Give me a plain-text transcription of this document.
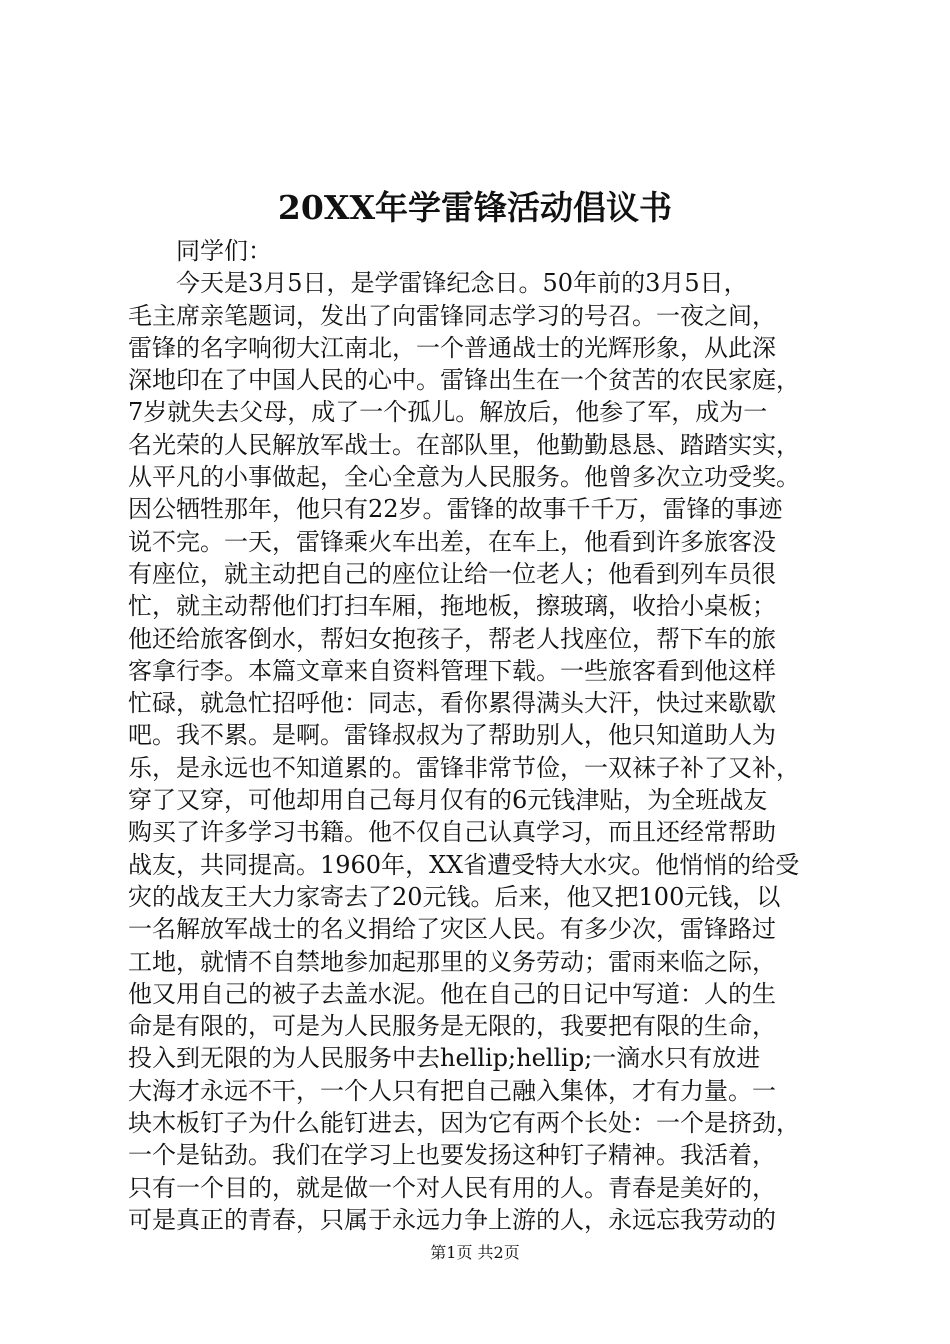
20XX年学雷锋活动倡议书
同学们：
今天是3月5日，是学雷锋纪念日。50年前的3月5日，
毛主席亲笔题词，发出了向雷锋同志学习的号召。一夜之间，
雷锋的名字响彻大江南北，一个普通战士的光辉形象，从此深
深地印在了中国人民的心中。雷锋出生在一个贫苦的农民家庭，
7岁就失去父母，成了一个孤儿。解放后，他参了军，成为一
名光荣的人民解放军战士。在部队里，他勤勤恳恳、踏踏实实，
从平凡的小事做起，全心全意为人民服务。他曾多次立功受奖。
因公牺牲那年，他只有22岁。雷锋的故事千千万，雷锋的事迹
说不完。一天，雷锋乘火车出差，在车上，他看到许多旅客没
有座位，就主动把自己的座位让给一位老人；他看到列车员很
忙，就主动帮他们打扫车厢，拖地板，擦玻璃，收拾小桌板；
他还给旅客倒水，帮妇女抱孩子，帮老人找座位，帮下车的旅
客拿行李。本篇文章来自资料管理下载。一些旅客看到他这样
忙碌，就急忙招呼他：同志，看你累得满头大汗，快过来歇歇
吧。我不累。是啊。雷锋叔叔为了帮助别人，他只知道助人为
乐，是永远也不知道累的。雷锋非常节俭，一双袜子补了又补，
穿了又穿，可他却用自己每月仅有的6元钱津贴，为全班战友
购买了许多学习书籍。他不仅自己认真学习，而且还经常帮助
战友，共同提高。1960年，XX省遭受特大水灾。他悄悄的给受
灾的战友王大力家寄去了20元钱。后来，他又把100元钱，以
一名解放军战士的名义捐给了灾区人民。有多少次，雷锋路过
工地，就情不自禁地参加起那里的义务劳动；雷雨来临之际，
他又用自己的被子去盖水泥。他在自己的日记中写道：人的生
命是有限的，可是为人民服务是无限的，我要把有限的生命，
投入到无限的为人民服务中去hellip;hellip;一滴水只有放进
大海才永远不干，一个人只有把自己融入集体，才有力量。一
块木板钉子为什么能钉进去，因为它有两个长处：一个是挤劲，
一个是钻劲。我们在学习上也要发扬这种钉子精神。我活着，
只有一个目的，就是做一个对人民有用的人。青春是美好的，
可是真正的青春，只属于永远力争上游的人，永远忘我劳动的
第1页 共2页
